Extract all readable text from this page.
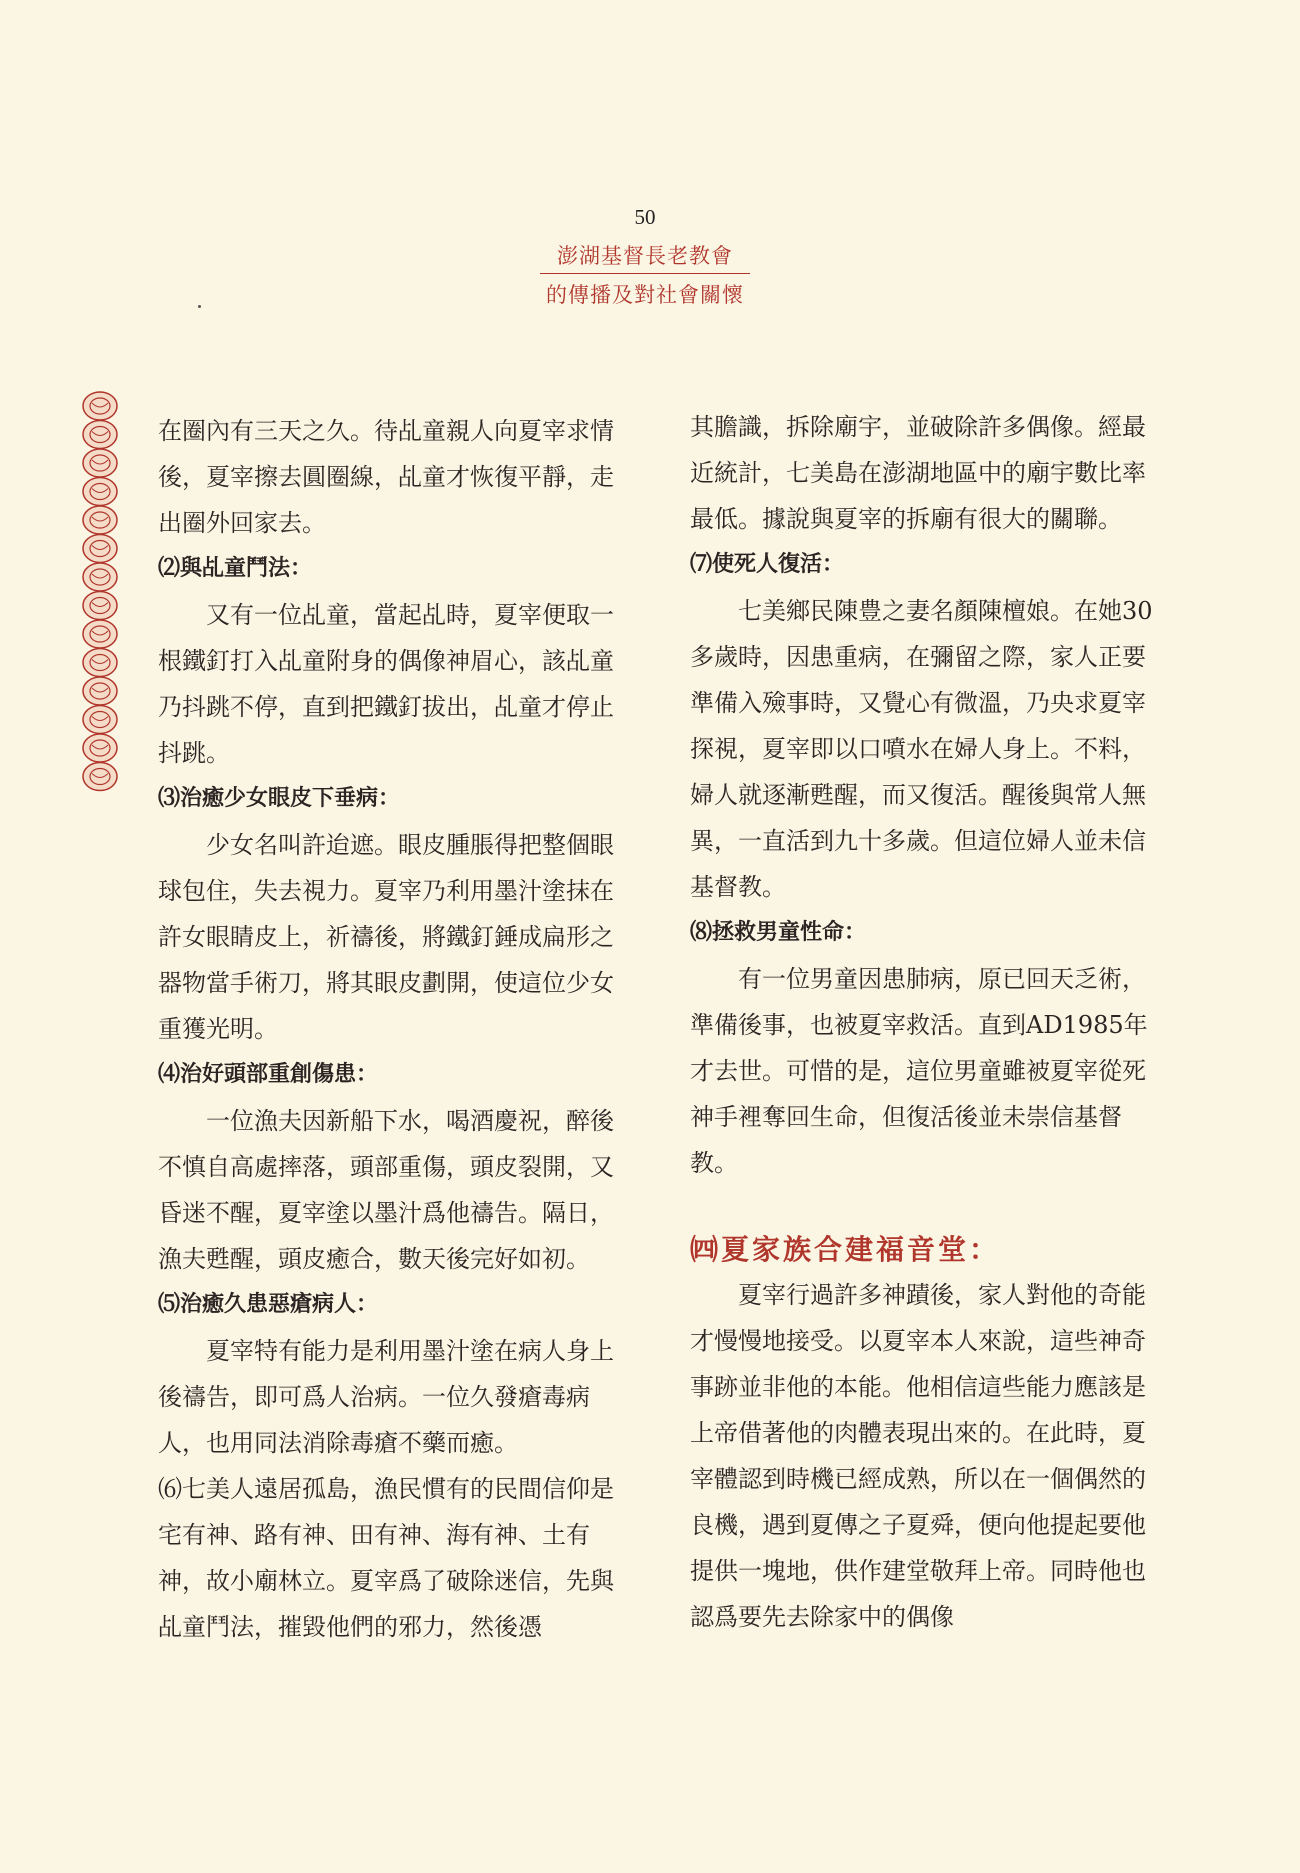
50
澎湖基督長老教會
的傳播及對社會關懷

在圈內有三天之久。待乩童親人向夏宰求情後，夏宰擦去圓圈線，乩童才恢復平靜，走出圈外回家去。

⑵與乩童鬥法：

又有一位乩童，當起乩時，夏宰便取一根鐵釘打入乩童附身的偶像神眉心，該乩童乃抖跳不停，直到把鐵釘拔出，乩童才停止抖跳。

⑶治癒少女眼皮下垂病：

少女名叫許迨遮。眼皮腫脹得把整個眼球包住，失去視力。夏宰乃利用墨汁塗抹在許女眼睛皮上，祈禱後，將鐵釘錘成扁形之器物當手術刀，將其眼皮劃開，使這位少女重獲光明。

⑷治好頭部重創傷患：

一位漁夫因新船下水，喝酒慶祝，醉後不慎自高處摔落，頭部重傷，頭皮裂開，又昏迷不醒，夏宰塗以墨汁爲他禱告。隔日，漁夫甦醒，頭皮癒合，數天後完好如初。

⑸治癒久患惡瘡病人：

夏宰特有能力是利用墨汁塗在病人身上後禱告，即可爲人治病。一位久發瘡毒病人，也用同法消除毒瘡不藥而癒。

⑹七美人遠居孤島，漁民慣有的民間信仰是宅有神、路有神、田有神、海有神、土有神，故小廟林立。夏宰爲了破除迷信，先與乩童鬥法，摧毀他們的邪力，然後憑

其膽識，拆除廟宇，並破除許多偶像。經最近統計，七美島在澎湖地區中的廟宇數比率最低。據說與夏宰的拆廟有很大的關聯。

⑺使死人復活：

七美鄉民陳豊之妻名顏陳檀娘。在她30多歲時，因患重病，在彌留之際，家人正要準備入殮事時，又覺心有微溫，乃央求夏宰探視，夏宰即以口噴水在婦人身上。不料，婦人就逐漸甦醒，而又復活。醒後與常人無異，一直活到九十多歲。但這位婦人並未信基督教。

⑻拯救男童性命：

有一位男童因患肺病，原已回天乏術，準備後事，也被夏宰救活。直到AD1985年才去世。可惜的是，這位男童雖被夏宰從死神手裡奪回生命，但復活後並未崇信基督教。

㈣夏家族合建福音堂：

夏宰行過許多神蹟後，家人對他的奇能才慢慢地接受。以夏宰本人來說，這些神奇事跡並非他的本能。他相信這些能力應該是上帝借著他的肉體表現出來的。在此時，夏宰體認到時機已經成熟，所以在一個偶然的良機，遇到夏傳之子夏舜，便向他提起要他提供一塊地，供作建堂敬拜上帝。同時他也認爲要先去除家中的偶像
